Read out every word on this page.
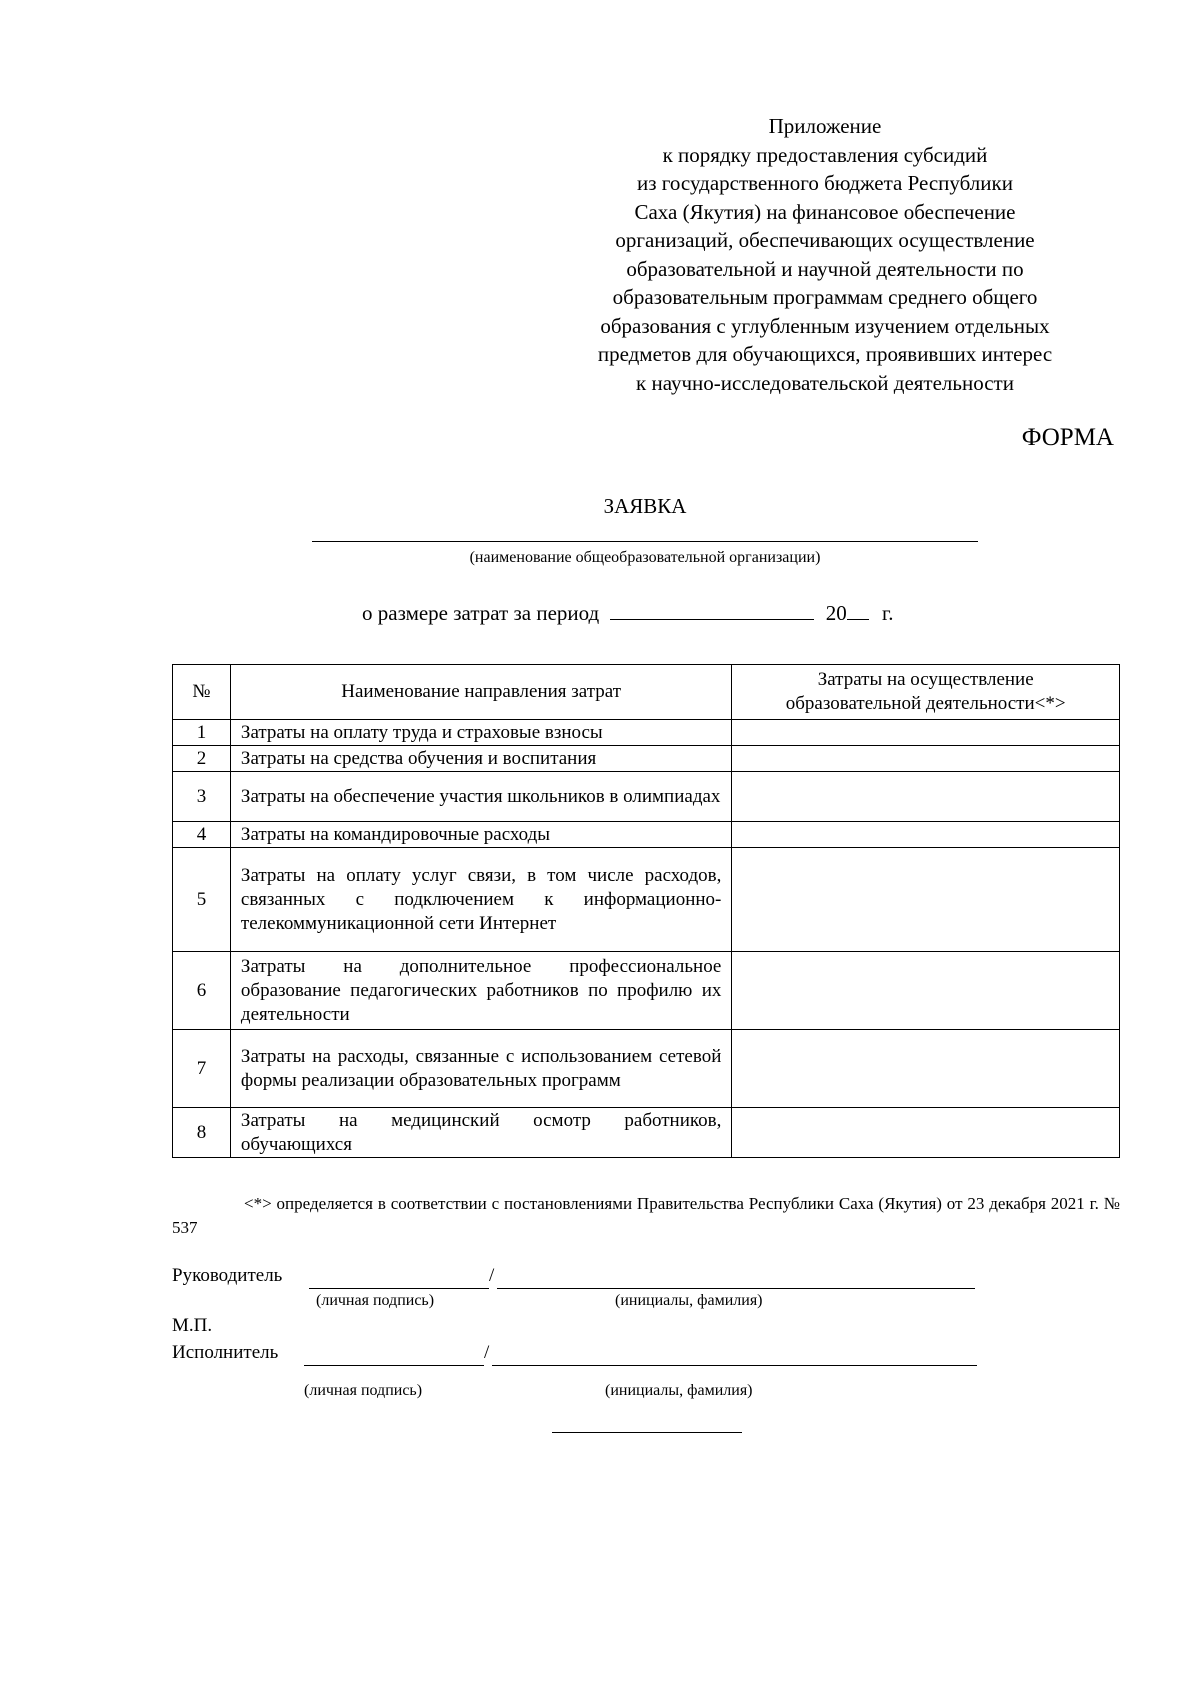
Приложение
к порядку предоставления субсидий
из государственного бюджета Республики
Саха (Якутия) на финансовое обеспечение
организаций, обеспечивающих осуществление
образовательной и научной деятельности по
образовательным программам среднего общего
образования с углубленным изучением отдельных
предметов для обучающихся, проявивших интерес
к научно-исследовательской деятельности
ФОРМА
ЗАЯВКА
(наименование общеобразовательной организации)
о размере затрат за период	20 г.
№	Наименование направления затрат	Затраты на осуществление образовательной деятельности<*>
1	Затраты на оплату труда и страховые взносы	
2	Затраты на средства обучения и воспитания	
3	Затраты на обеспечение участия школьников в олимпиадах	
4	Затраты на командировочные расходы	
5	Затраты на оплату услуг связи, в том числе расходов, связанных с подключением к информационно-телекоммуникационной сети Интернет	
6	Затраты на дополнительное профессиональное образование педагогических работников по профилю их деятельности	
7	Затраты на расходы, связанные с использованием сетевой формы реализации образовательных программ	
8	Затраты на медицинский осмотр работников, обучающихся	
<*> определяется в соответствии с постановлениями Правительства Республики Саха (Якутия) от 23 декабря 2021 г. № 537
Руководитель	/
(личная подпись)	(инициалы, фамилия)
М.П.
Исполнитель	/
(личная подпись)	(инициалы, фамилия)
